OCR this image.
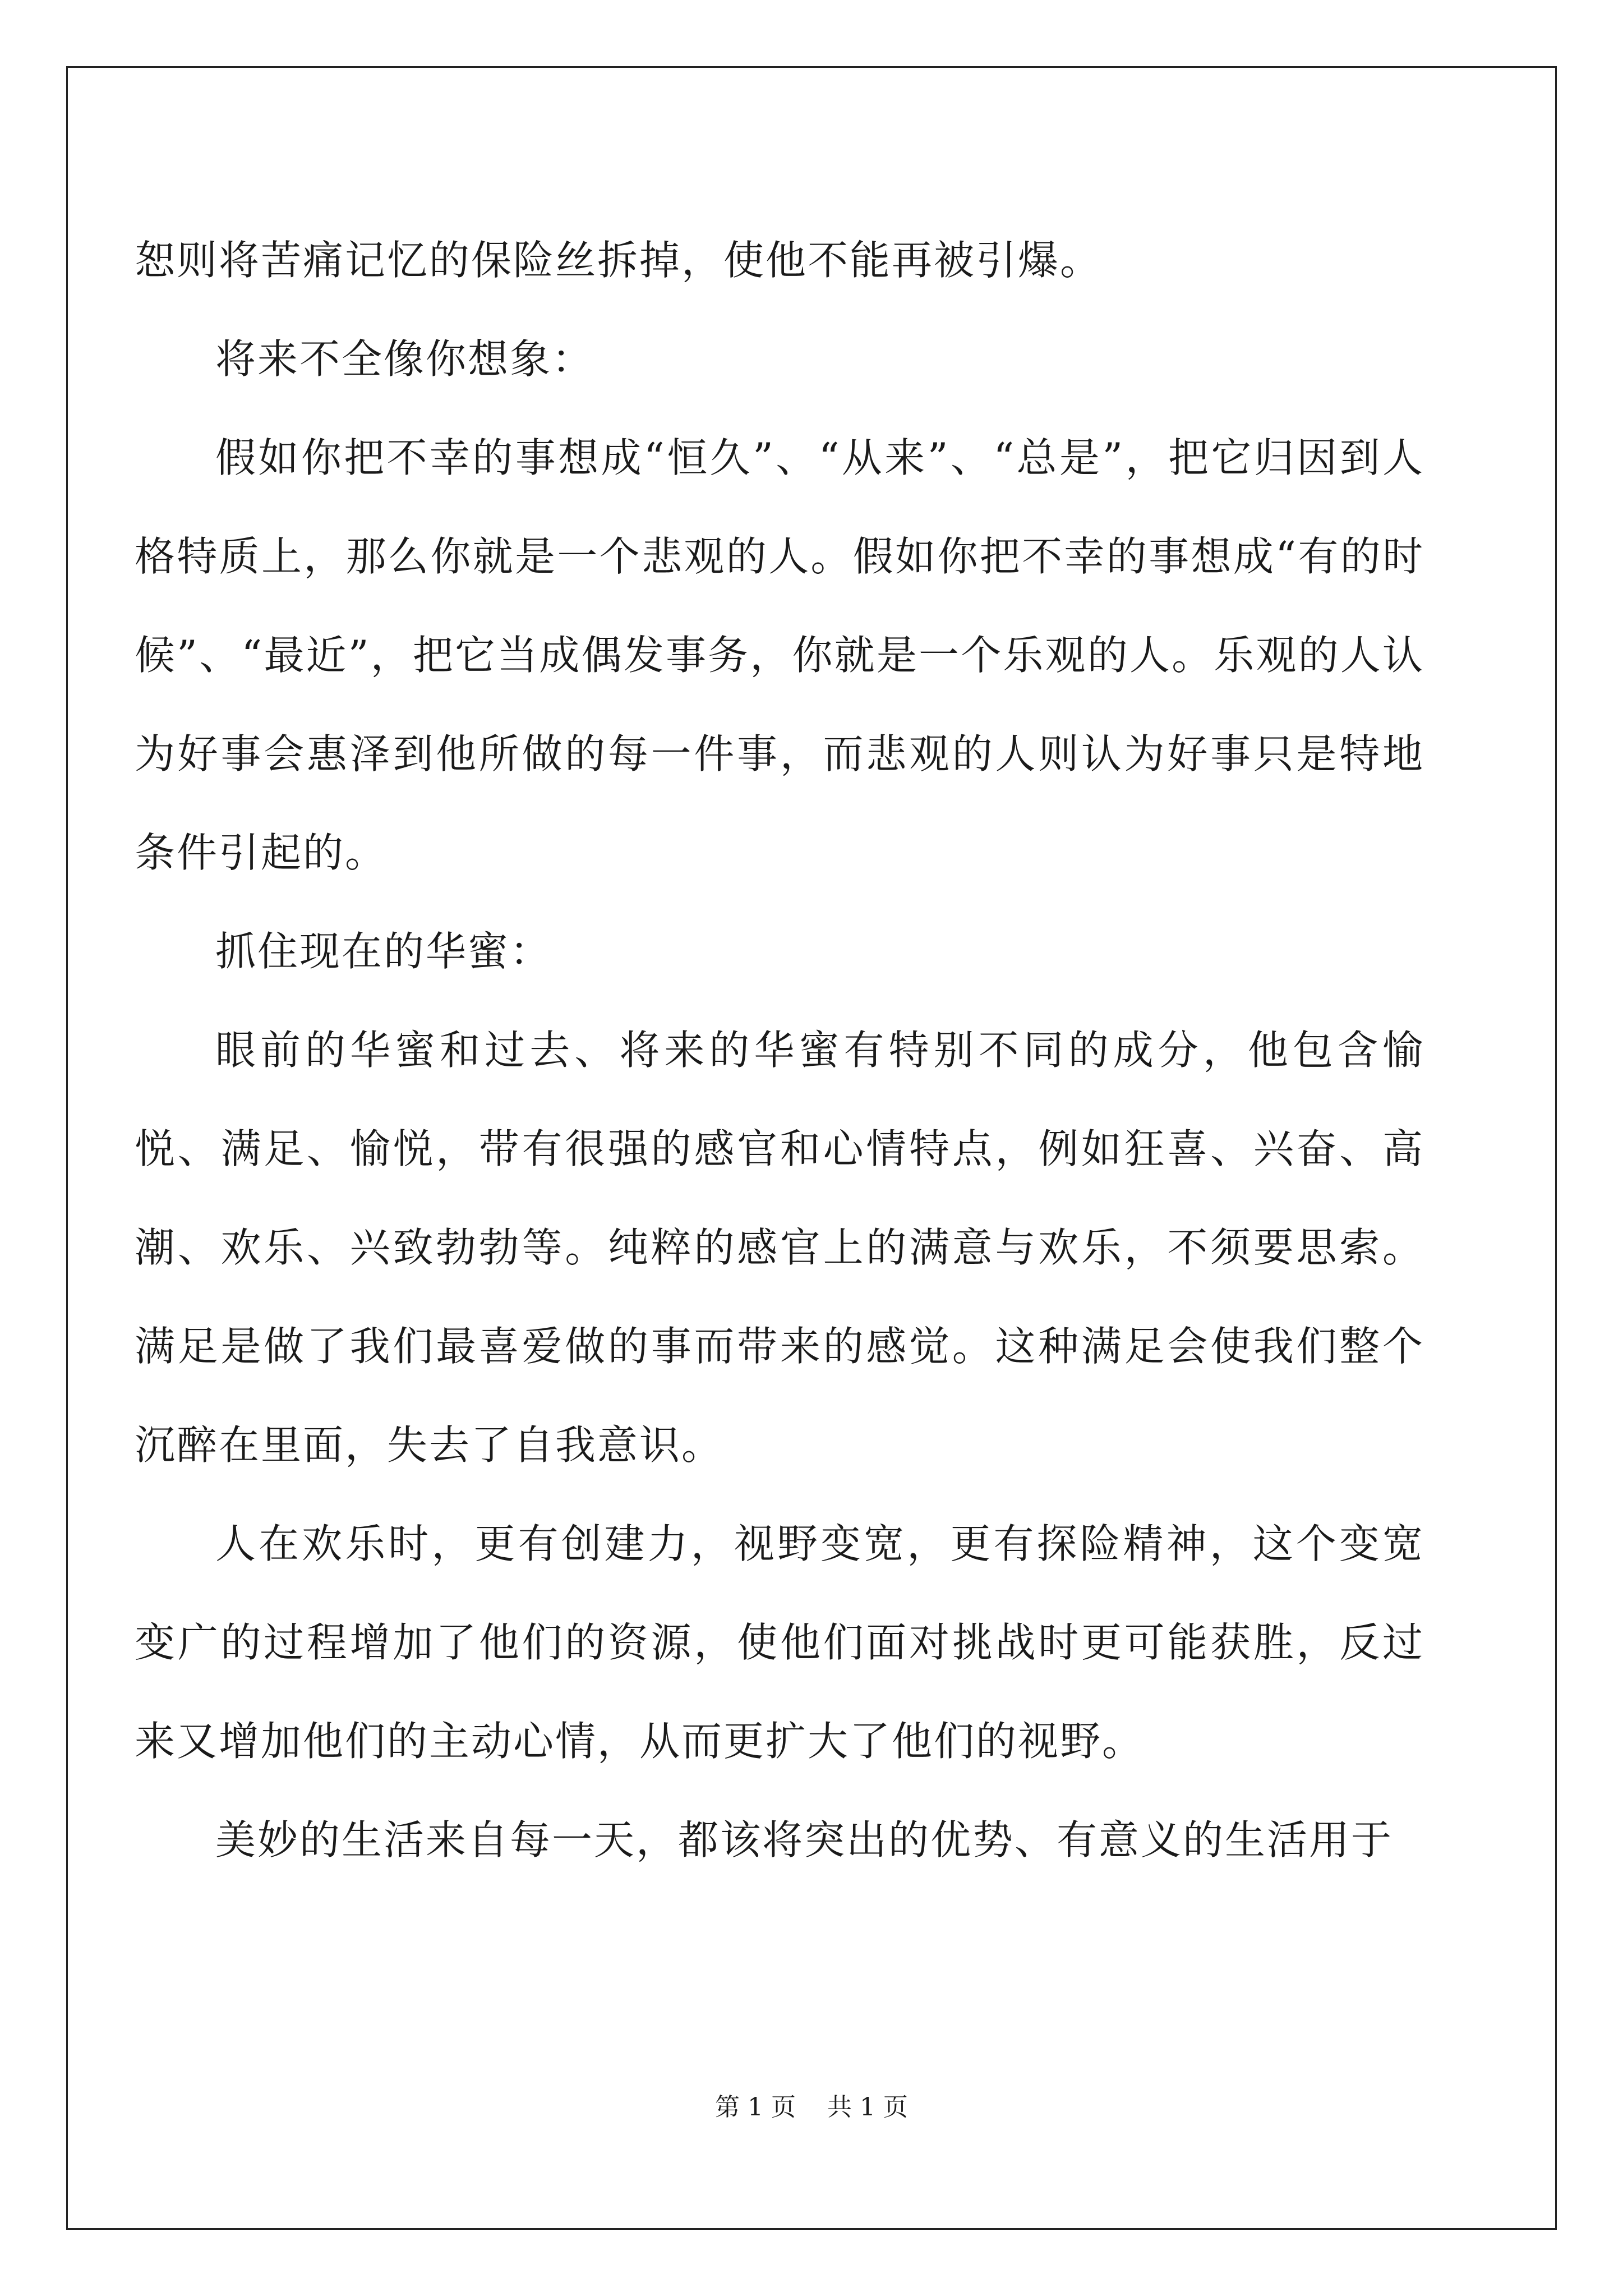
恕则将苦痛记忆的保险丝拆掉，使他不能再被引爆。

将来不全像你想象：

假如你把不幸的事想成“恒久”、“从来”、“总是”，把它归因到人格特质上，那么你就是一个悲观的人。假如你把不幸的事想成“有的时候”、“最近”，把它当成偶发事务，你就是一个乐观的人。乐观的人认为好事会惠泽到他所做的每一件事，而悲观的人则认为好事只是特地条件引起的。

抓住现在的华蜜：

眼前的华蜜和过去、将来的华蜜有特别不同的成分，他包含愉悦、满足、愉悦，带有很强的感官和心情特点，例如狂喜、兴奋、高潮、欢乐、兴致勃勃等。纯粹的感官上的满意与欢乐，不须要思索。满足是做了我们最喜爱做的事而带来的感觉。这种满足会使我们整个沉醉在里面，失去了自我意识。

人在欢乐时，更有创建力，视野变宽，更有探险精神，这个变宽变广的过程增加了他们的资源，使他们面对挑战时更可能获胜，反过来又增加他们的主动心情，从而更扩大了他们的视野。

美妙的生活来自每一天，都该将突出的优势、有意义的生活用于

第 1 页    共 1 页
